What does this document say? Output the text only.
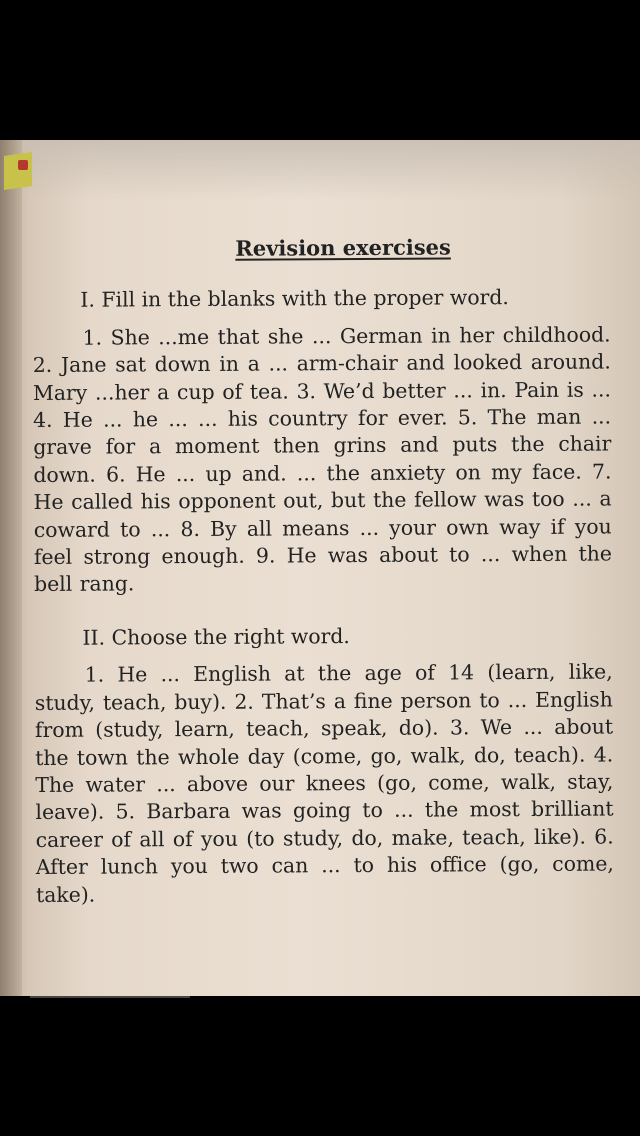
Revision exercises
I. Fill in the blanks with the proper word.

1. She ...me that she ... German in her childhood. 2. Jane sat down in a ... arm-chair and looked around. Mary ...her a cup of tea. 3. We’d better ... in. Pain is ... 4. He ... he ... ... his country for ever. 5. The man ... grave for a moment then grins and puts the chair down. 6. He ... up and. ... the anxiety on my face. 7. He called his opponent out, but the fellow was too ... a coward to ... 8. By all means ... your own way if you feel strong enough. 9. He was about to ... when the bell rang.

II. Choose the right word.

1. He ... English at the age of 14 (learn, like, study, teach, buy). 2. That’s a fine person to ... English from (study, learn, teach, speak, do). 3. We ... about the town the whole day (come, go, walk, do, teach). 4. The water ... above our knees (go, come, walk, stay, leave). 5. Barbara was going to ... the most brilliant career of all of you (to study, do, make, teach, like). 6. After lunch you two can ... to his office (go, come, take).
